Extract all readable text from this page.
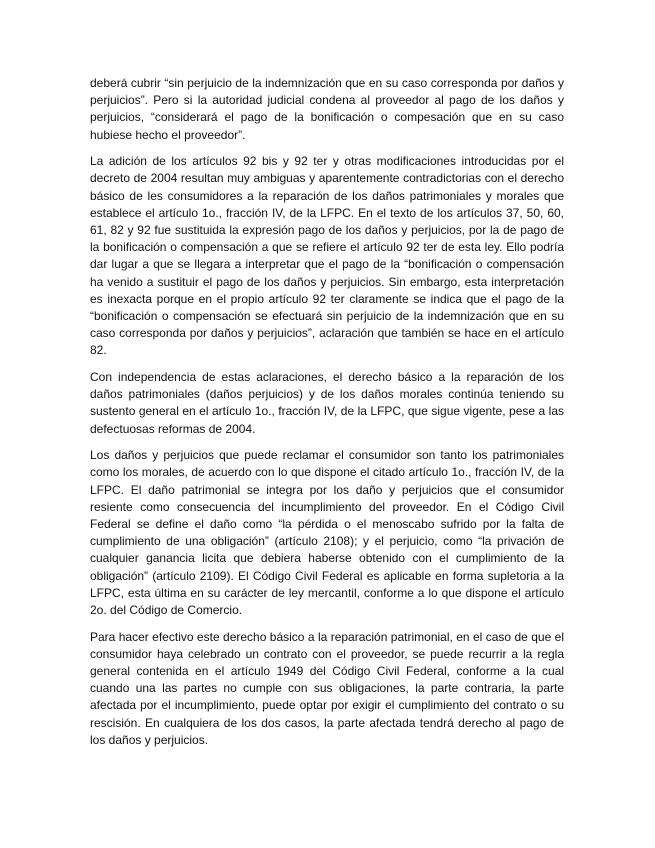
deberá cubrir “sin perjuicio de la indemnización que en su caso corresponda por daños y perjuicios”. Pero si la autoridad judicial condena al proveedor al pago de los daños y perjuicios, “considerará el pago de la bonificación o compesación que en su caso hubiese hecho el proveedor”.

La adición de los artículos 92 bis y 92 ter y otras modificaciones introducidas por el decreto de 2004 resultan muy ambiguas y aparentemente contradictorias con el derecho básico de les consumidores a la reparación de los daños patrimoniales y morales que establece el artículo 1o., fracción IV, de la LFPC. En el texto de los artículos 37, 50, 60, 61, 82 y 92 fue sustituida la expresión pago de los daños y perjuicios, por la de pago de la bonificación o compensación a que se refiere el artículo 92 ter de esta ley. Ello podría dar lugar a que se llegara a interpretar que el pago de la “bonificación o compensación ha venido a sustituir el pago de los daños y perjuicios. Sin embargo, esta interpretación es inexacta porque en el propio artículo 92 ter claramente se indica que el pago de la “bonificación o compensación se efectuará sin perjuicio de la indemnización que en su caso corresponda por daños y perjuicios”, aclaración que también se hace en el artículo 82.

Con independencia de estas aclaraciones, el derecho básico a la reparación de los daños patrimoniales (daños perjuicios) y de los daños morales continúa teniendo su sustento general en el artículo 1o., fracción IV, de la LFPC, que sigue vigente, pese a las defectuosas reformas de 2004.

Los daños y perjuicios que puede reclamar el consumidor son tanto los patrimoniales como los morales, de acuerdo con lo que dispone el citado artículo 1o., fracción IV, de la LFPC. El daño patrimonial se integra por los daño y perjuicios que el consumidor resiente como consecuencia del incumplimiento del proveedor. En el Código Civil Federal se define el daño como “la pérdida o el menoscabo sufrido por la falta de cumplimiento de una obligación” (artículo 2108); y el perjuicio, como “la privación de cualquier ganancia licita que debiera haberse obtenido con el cumplimiento de la obligación” (artículo 2109). El Código Civil Federal es aplicable en forma supletoria a la LFPC, esta última en su carácter de ley mercantil, conforme a lo que dispone el artículo 2o. del Código de Comercio.

Para hacer efectivo este derecho básico a la reparación patrimonial, en el caso de que el consumidor haya celebrado un contrato con el proveedor, se puede recurrir a la regla general contenida en el artículo 1949 del Código Civil Federal, conforme a la cual cuando una las partes no cumple con sus obligaciones, la parte contraria, la parte afectada por el incumplimiento, puede optar por exigir el cumplimiento del contrato o su rescisión. En cualquiera de los dos casos, la parte afectada tendrá derecho al pago de los daños y perjuicios.
